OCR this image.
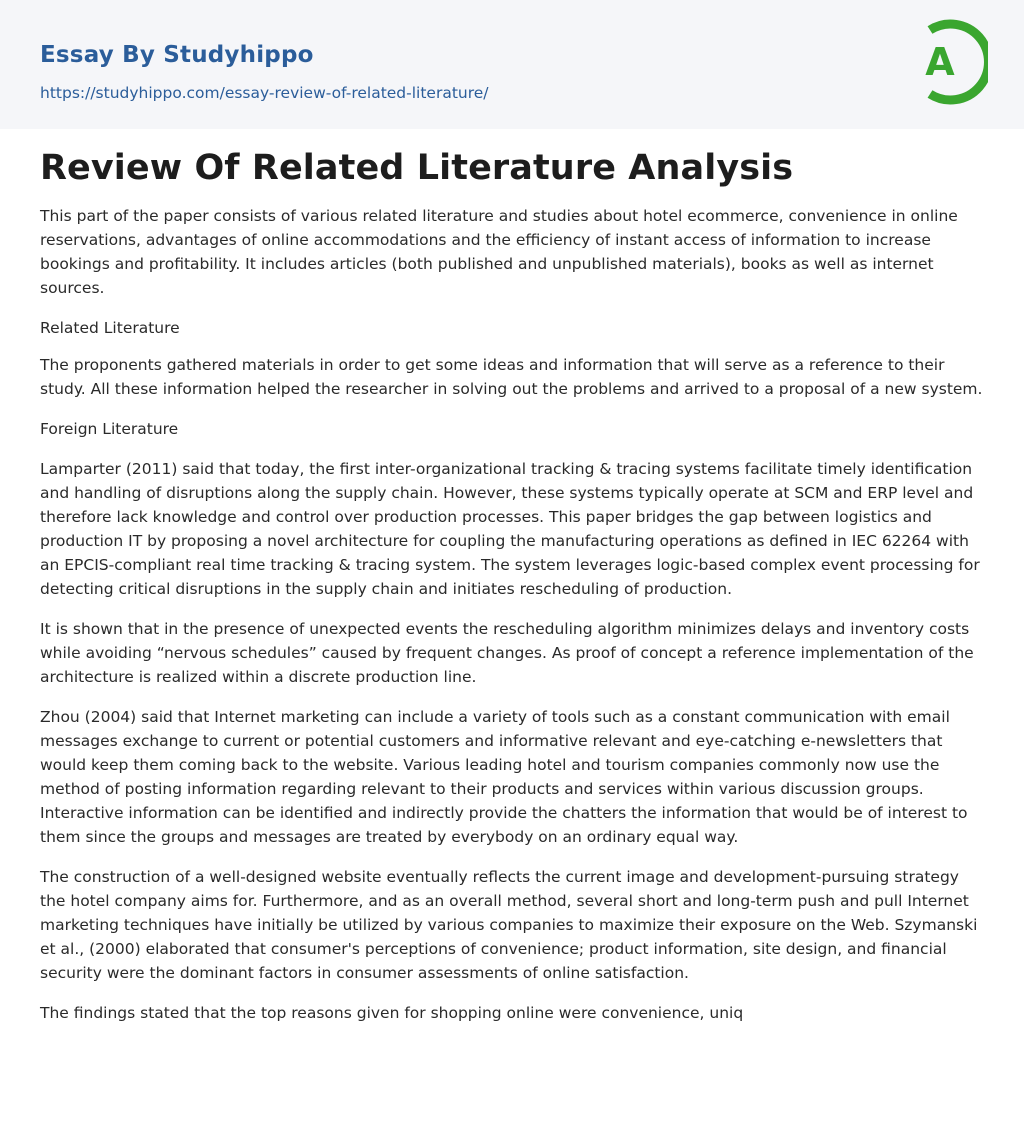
Essay By Studyhippo
https://studyhippo.com/essay-review-of-related-literature/
A
Review Of Related Literature Analysis

This part of the paper consists of various related literature and studies about hotel ecommerce, convenience in online reservations, advantages of online accommodations and the efficiency of instant access of information to increase bookings and profitability. It includes articles (both published and unpublished materials), books as well as internet sources.

Related Literature

The proponents gathered materials in order to get some ideas and information that will serve as a reference to their study. All these information helped the researcher in solving out the problems and arrived to a proposal of a new system.

Foreign Literature

Lamparter (2011) said that today, the first inter-organizational tracking & tracing systems facilitate timely identification and handling of disruptions along the supply chain. However, these systems typically operate at SCM and ERP level and therefore lack knowledge and control over production processes. This paper bridges the gap between logistics and production IT by proposing a novel architecture for coupling the manufacturing operations as defined in IEC 62264 with an EPCIS-compliant real time tracking & tracing system. The system leverages logic-based complex event processing for detecting critical disruptions in the supply chain and initiates rescheduling of production.

It is shown that in the presence of unexpected events the rescheduling algorithm minimizes delays and inventory costs while avoiding “nervous schedules” caused by frequent changes. As proof of concept a reference implementation of the architecture is realized within a discrete production line.

Zhou (2004) said that Internet marketing can include a variety of tools such as a constant communication with email messages exchange to current or potential customers and informative relevant and eye-catching e-newsletters that would keep them coming back to the website. Various leading hotel and tourism companies commonly now use the method of posting information regarding relevant to their products and services within various discussion groups. Interactive information can be identified and indirectly provide the chatters the information that would be of interest to them since the groups and messages are treated by everybody on an ordinary equal way.

The construction of a well-designed website eventually reflects the current image and development-pursuing strategy the hotel company aims for. Furthermore, and as an overall method, several short and long-term push and pull Internet marketing techniques have initially be utilized by various companies to maximize their exposure on the Web. Szymanski et al., (2000) elaborated that consumer's perceptions of convenience; product information, site design, and financial security were the dominant factors in consumer assessments of online satisfaction.

The findings stated that the top reasons given for shopping online were convenience, uniq
